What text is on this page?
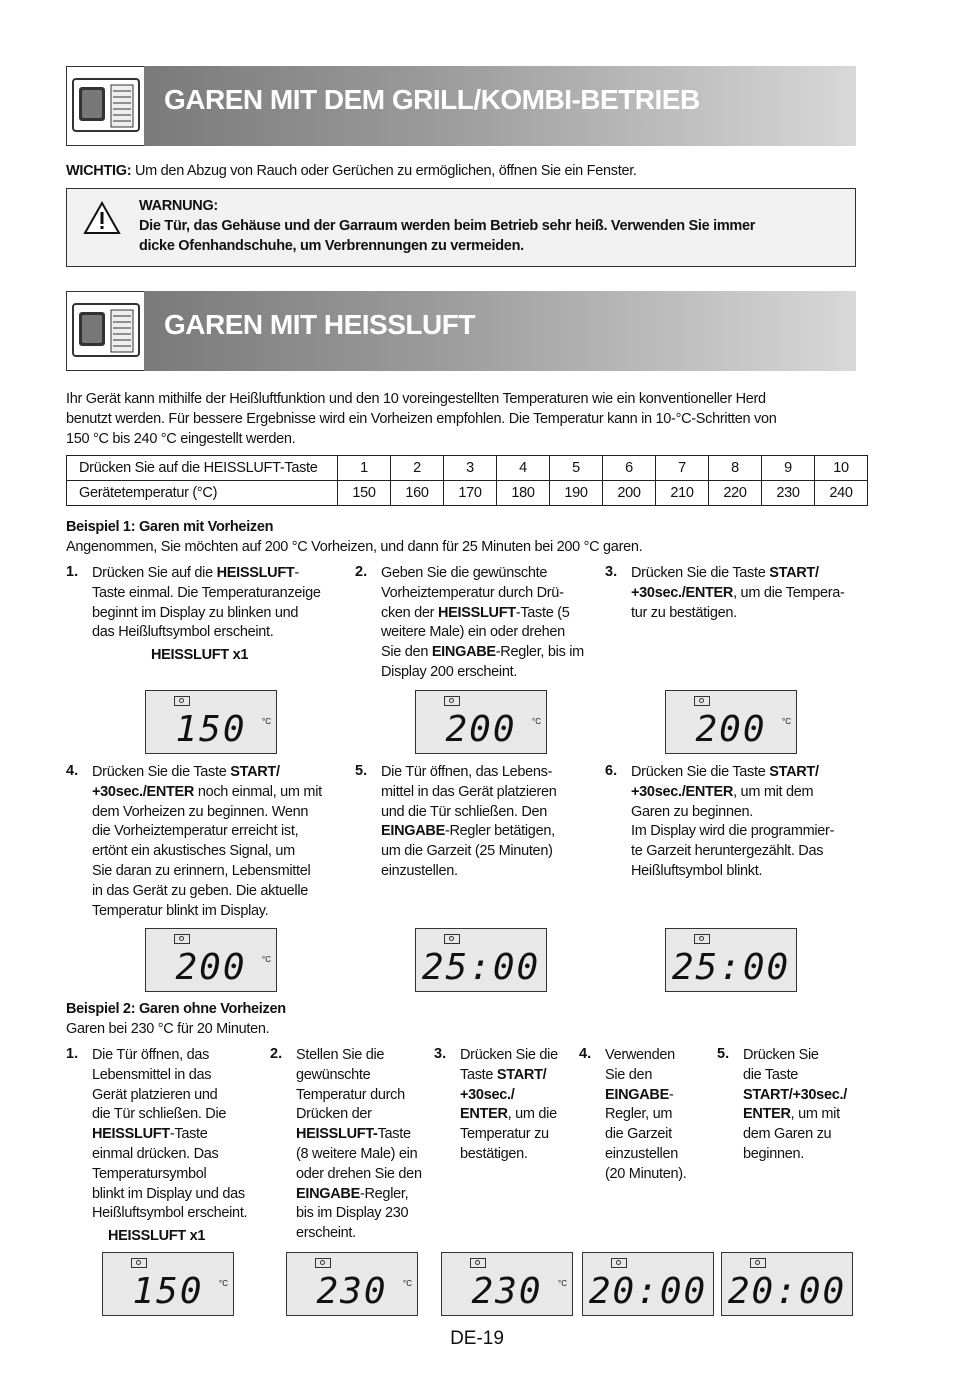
GAREN MIT DEM GRILL/KOMBI-BETRIEB
WICHTIG: Um den Abzug von Rauch oder Gerüchen zu ermöglichen, öffnen Sie ein Fenster.
WARNUNG:
Die Tür, das Gehäuse und der Garraum werden beim Betrieb sehr heiß. Verwenden Sie immer
dicke Ofenhandschuhe, um Verbrennungen zu vermeiden.
GAREN MIT HEISSLUFT
Ihr Gerät kann mithilfe der Heißluftfunktion und den 10 voreingestellten Temperaturen wie ein konventioneller Herd
benutzt werden. Für bessere Ergebnisse wird ein Vorheizen empfohlen. Die Temperatur kann in 10-°C-Schritten von
150 °C bis 240 °C eingestellt werden.
Drücken Sie auf die HEISSLUFT-Taste	1	2	3	4	5	6	7	8	9	10
Gerätetemperatur (°C)	150	160	170	180	190	200	210	220	230	240
Beispiel 1: Garen mit Vorheizen
Angenommen, Sie möchten auf 200 °C Vorheizen, und dann für 25 Minuten bei 200 °C garen.
1. Drücken Sie auf die HEISSLUFT-
Taste einmal. Die Temperaturanzeige
beginnt im Display zu blinken und
das Heißluftsymbol erscheint.
HEISSLUFT x1
2. Geben Sie die gewünschte
Vorheiztemperatur durch Drü-
cken der HEISSLUFT-Taste (5
weitere Male) ein oder drehen
Sie den EINGABE-Regler, bis im
Display 200 erscheint.
3. Drücken Sie die Taste START/
+30sec./ENTER, um die Tempera-
tur zu bestätigen.
150	°C	200	°C	200	°C
4. Drücken Sie die Taste START/
+30sec./ENTER noch einmal, um mit
dem Vorheizen zu beginnen. Wenn
die Vorheiztemperatur erreicht ist,
ertönt ein akustisches Signal, um
Sie daran zu erinnern, Lebensmittel
in das Gerät zu geben. Die aktuelle
Temperatur blinkt im Display.
5. Die Tür öffnen, das Lebens-
mittel in das Gerät platzieren
und die Tür schließen. Den
EINGABE-Regler betätigen,
um die Garzeit (25 Minuten)
einzustellen.
6. Drücken Sie die Taste START/
+30sec./ENTER, um mit dem
Garen zu beginnen.
Im Display wird die programmier-
te Garzeit heruntergezählt. Das
Heißluftsymbol blinkt.
200	°C	25:00	25:00
Beispiel 2: Garen ohne Vorheizen
Garen bei 230 °C für 20 Minuten.
1. Die Tür öffnen, das
Lebensmittel in das
Gerät platzieren und
die Tür schließen. Die
HEISSLUFT-Taste
einmal drücken. Das
Temperatursymbol
blinkt im Display und das
Heißluftsymbol erscheint.
HEISSLUFT x1
2. Stellen Sie die
gewünschte
Temperatur durch
Drücken der
HEISSLUFT-Taste
(8 weitere Male) ein
oder drehen Sie den
EINGABE-Regler,
bis im Display 230
erscheint.
3. Drücken Sie die
Taste START/
+30sec./
ENTER, um die
Temperatur zu
bestätigen.
4. Verwenden
Sie den
EINGABE-
Regler, um
die Garzeit
einzustellen
(20 Minuten).
5. Drücken Sie
die Taste
START/+30sec./
ENTER, um mit
dem Garen zu
beginnen.
150	°C	230	°C	230	°C 20:00 20:00
DE-19
